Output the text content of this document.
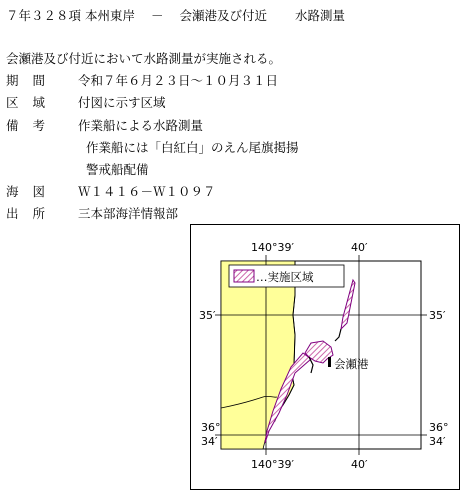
７年３２８項 本州東岸 － 会瀬港及び付近 水路測量
会瀬港及び付近において水路測量が実施される。
期間 令和７年６月２３日～１０月３１日
区域 付図に示す区域
備考 作業船による水路測量
作業船には「白紅白」のえん尾旗掲揚
警戒船配備
海図 Ｗ１４１６－Ｗ１０９７
出所 三本部海洋情報部
…実施区域
会瀬港
140°39′	40′
140°39′	40′
35′	35′
36°
34′
36°
34′
